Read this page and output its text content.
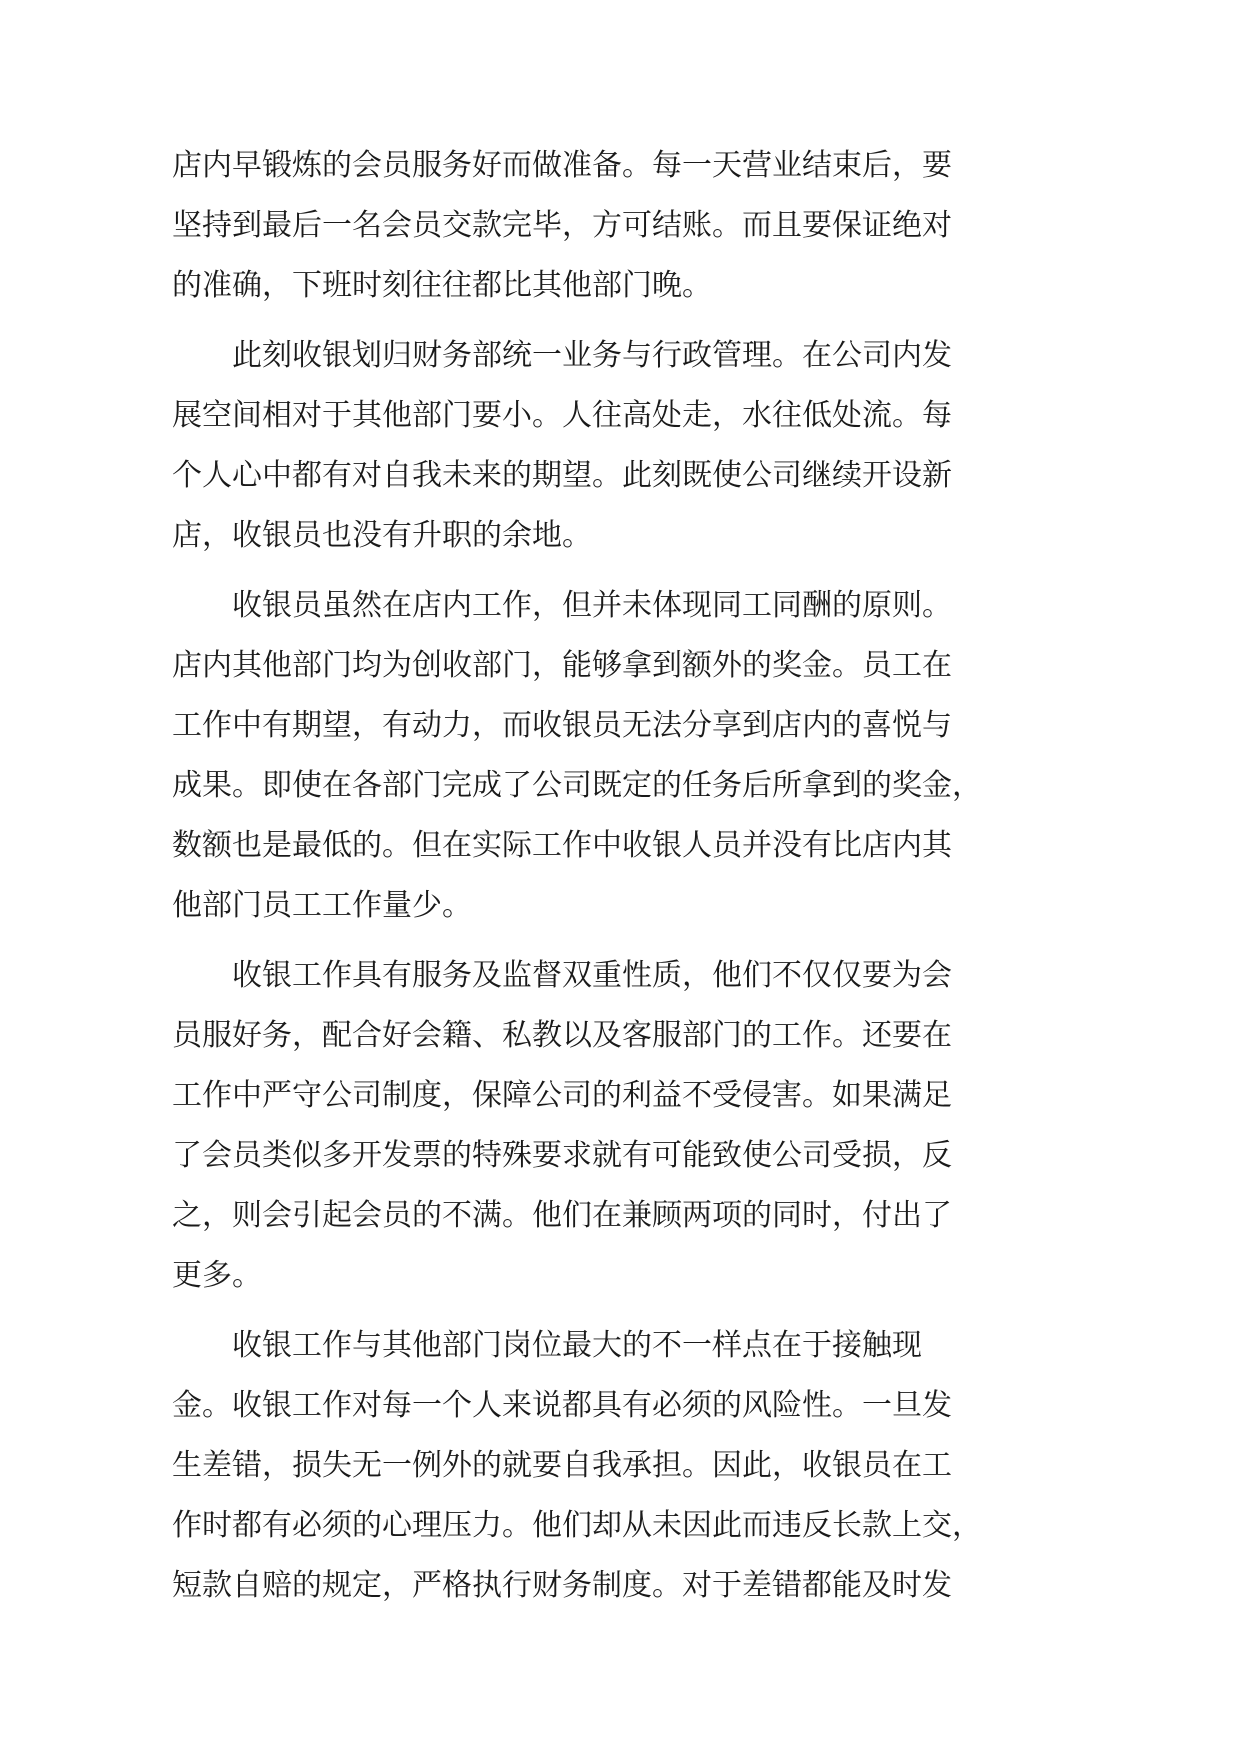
店内早锻炼的会员服务好而做准备。每一天营业结束后，要
坚持到最后一名会员交款完毕，方可结账。而且要保证绝对
的准确，下班时刻往往都比其他部门晚。
此刻收银划归财务部统一业务与行政管理。在公司内发
展空间相对于其他部门要小。人往高处走，水往低处流。每
个人心中都有对自我未来的期望。此刻既使公司继续开设新
店，收银员也没有升职的余地。
收银员虽然在店内工作，但并未体现同工同酬的原则。
店内其他部门均为创收部门，能够拿到额外的奖金。员工在
工作中有期望，有动力，而收银员无法分享到店内的喜悦与
成果。即使在各部门完成了公司既定的任务后所拿到的奖金，
数额也是最低的。但在实际工作中收银人员并没有比店内其
他部门员工工作量少。
收银工作具有服务及监督双重性质，他们不仅仅要为会
员服好务，配合好会籍、私教以及客服部门的工作。还要在
工作中严守公司制度，保障公司的利益不受侵害。如果满足
了会员类似多开发票的特殊要求就有可能致使公司受损，反
之，则会引起会员的不满。他们在兼顾两项的同时，付出了
更多。
收银工作与其他部门岗位最大的不一样点在于接触现
金。收银工作对每一个人来说都具有必须的风险性。一旦发
生差错，损失无一例外的就要自我承担。因此，收银员在工
作时都有必须的心理压力。他们却从未因此而违反长款上交，
短款自赔的规定，严格执行财务制度。对于差错都能及时发
